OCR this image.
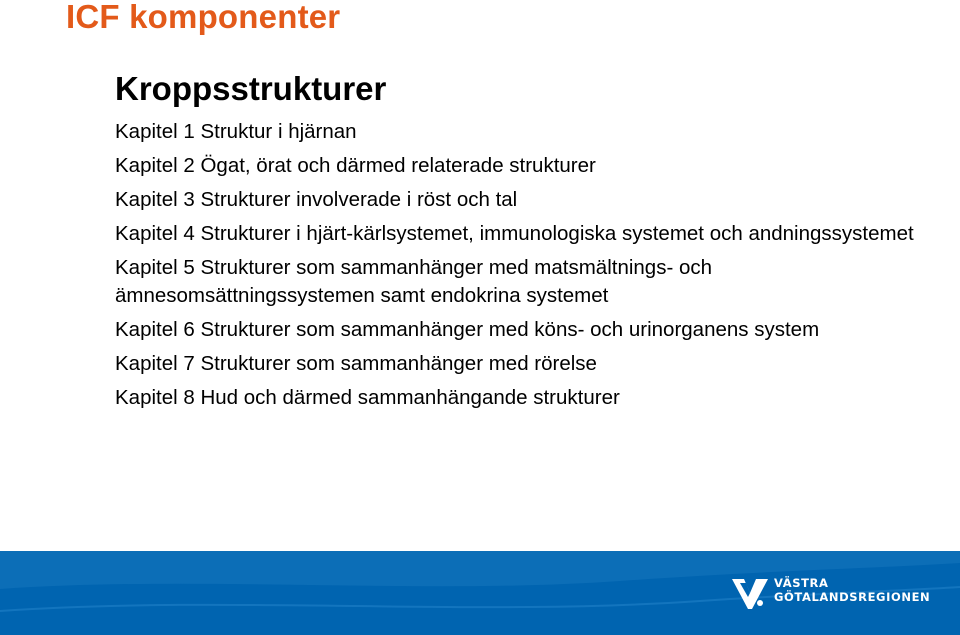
ICF komponenter
Kroppsstrukturer
Kapitel 1 Struktur i hjärnan
Kapitel 2 Ögat, örat och därmed relaterade strukturer
Kapitel 3 Strukturer involverade i röst och tal
Kapitel 4 Strukturer i hjärt-kärlsystemet, immunologiska systemet och andningssystemet
Kapitel 5 Strukturer som sammanhänger med matsmältnings- och ämnesomsättningssystemen samt endokrina systemet
Kapitel 6 Strukturer som sammanhänger med köns- och urinorganens system
Kapitel 7 Strukturer som sammanhänger med rörelse
Kapitel 8 Hud och därmed sammanhängande strukturer
VÄSTRA
GÖTALANDSREGIONEN
